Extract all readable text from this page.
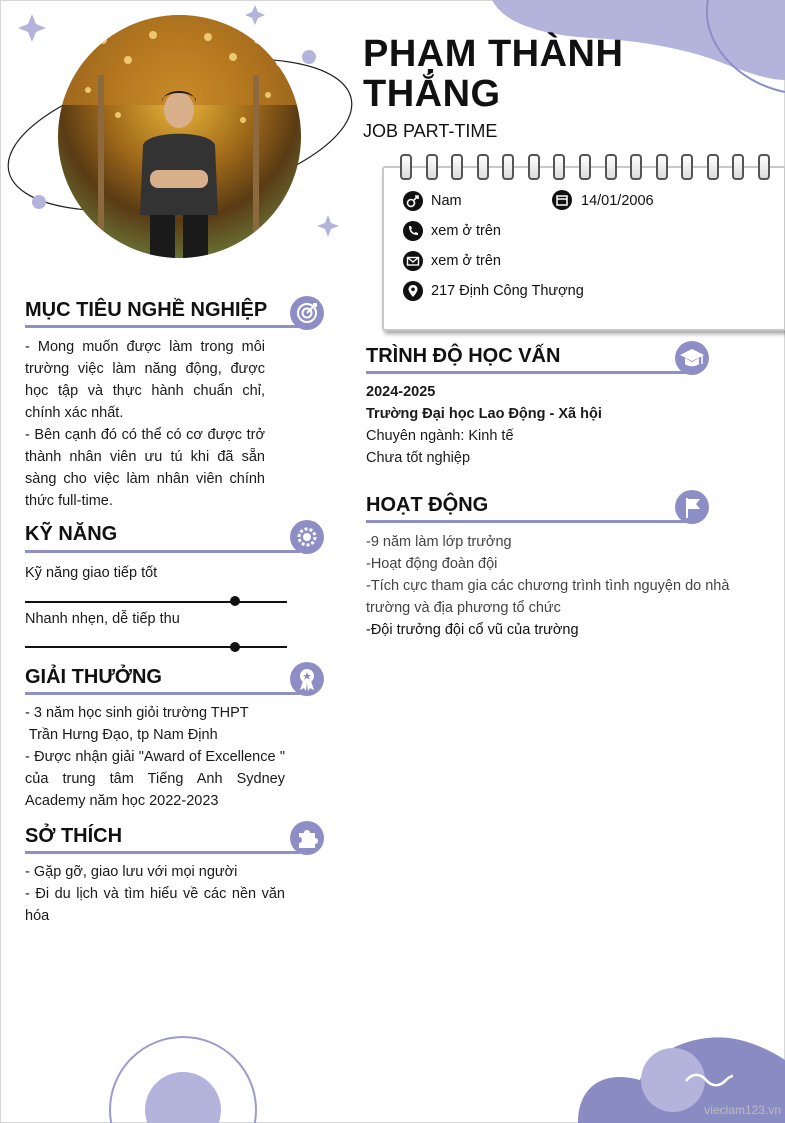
PHẠM THÀNH THẮNG
JOB PART-TIME
Nam	14/01/2006
xem ở trên
xem ở trên
217 Định Công Thượng
MỤC TIÊU NGHỀ NGHIỆP
- Mong muốn được làm trong môi trường việc làm năng động, được học tập và thực hành chuẩn chỉ, chính xác nhất.
- Bên cạnh đó có thể có cơ được trở thành nhân viên ưu tú khi đã sẵn sàng cho việc làm nhân viên chính thức full-time.
KỸ NĂNG
Kỹ năng giao tiếp tốt
Nhanh nhẹn, dễ tiếp thu
GIẢI THƯỞNG
- 3 năm học sinh giỏi trường THPT
Trần Hưng Đạo, tp Nam Định
- Được nhận giải "Award of Excellence " của trung tâm Tiếng Anh Sydney Academy năm học 2022-2023
SỞ THÍCH
- Gặp gỡ, giao lưu với mọi người
- Đi du lịch và tìm hiểu về các nền văn hóa
TRÌNH ĐỘ HỌC VẤN
2024-2025
Trường Đại học Lao Động - Xã hội
Chuyên ngành: Kinh tế
Chưa tốt nghiệp
HOẠT ĐỘNG
-9 năm làm lớp trưởng
-Hoạt động đoàn đội
-Tích cực tham gia các chương trình tình nguyện do nhà trường và địa phương tổ chức
-Đội trưởng đội cổ vũ của trường
vieclam123.vn
